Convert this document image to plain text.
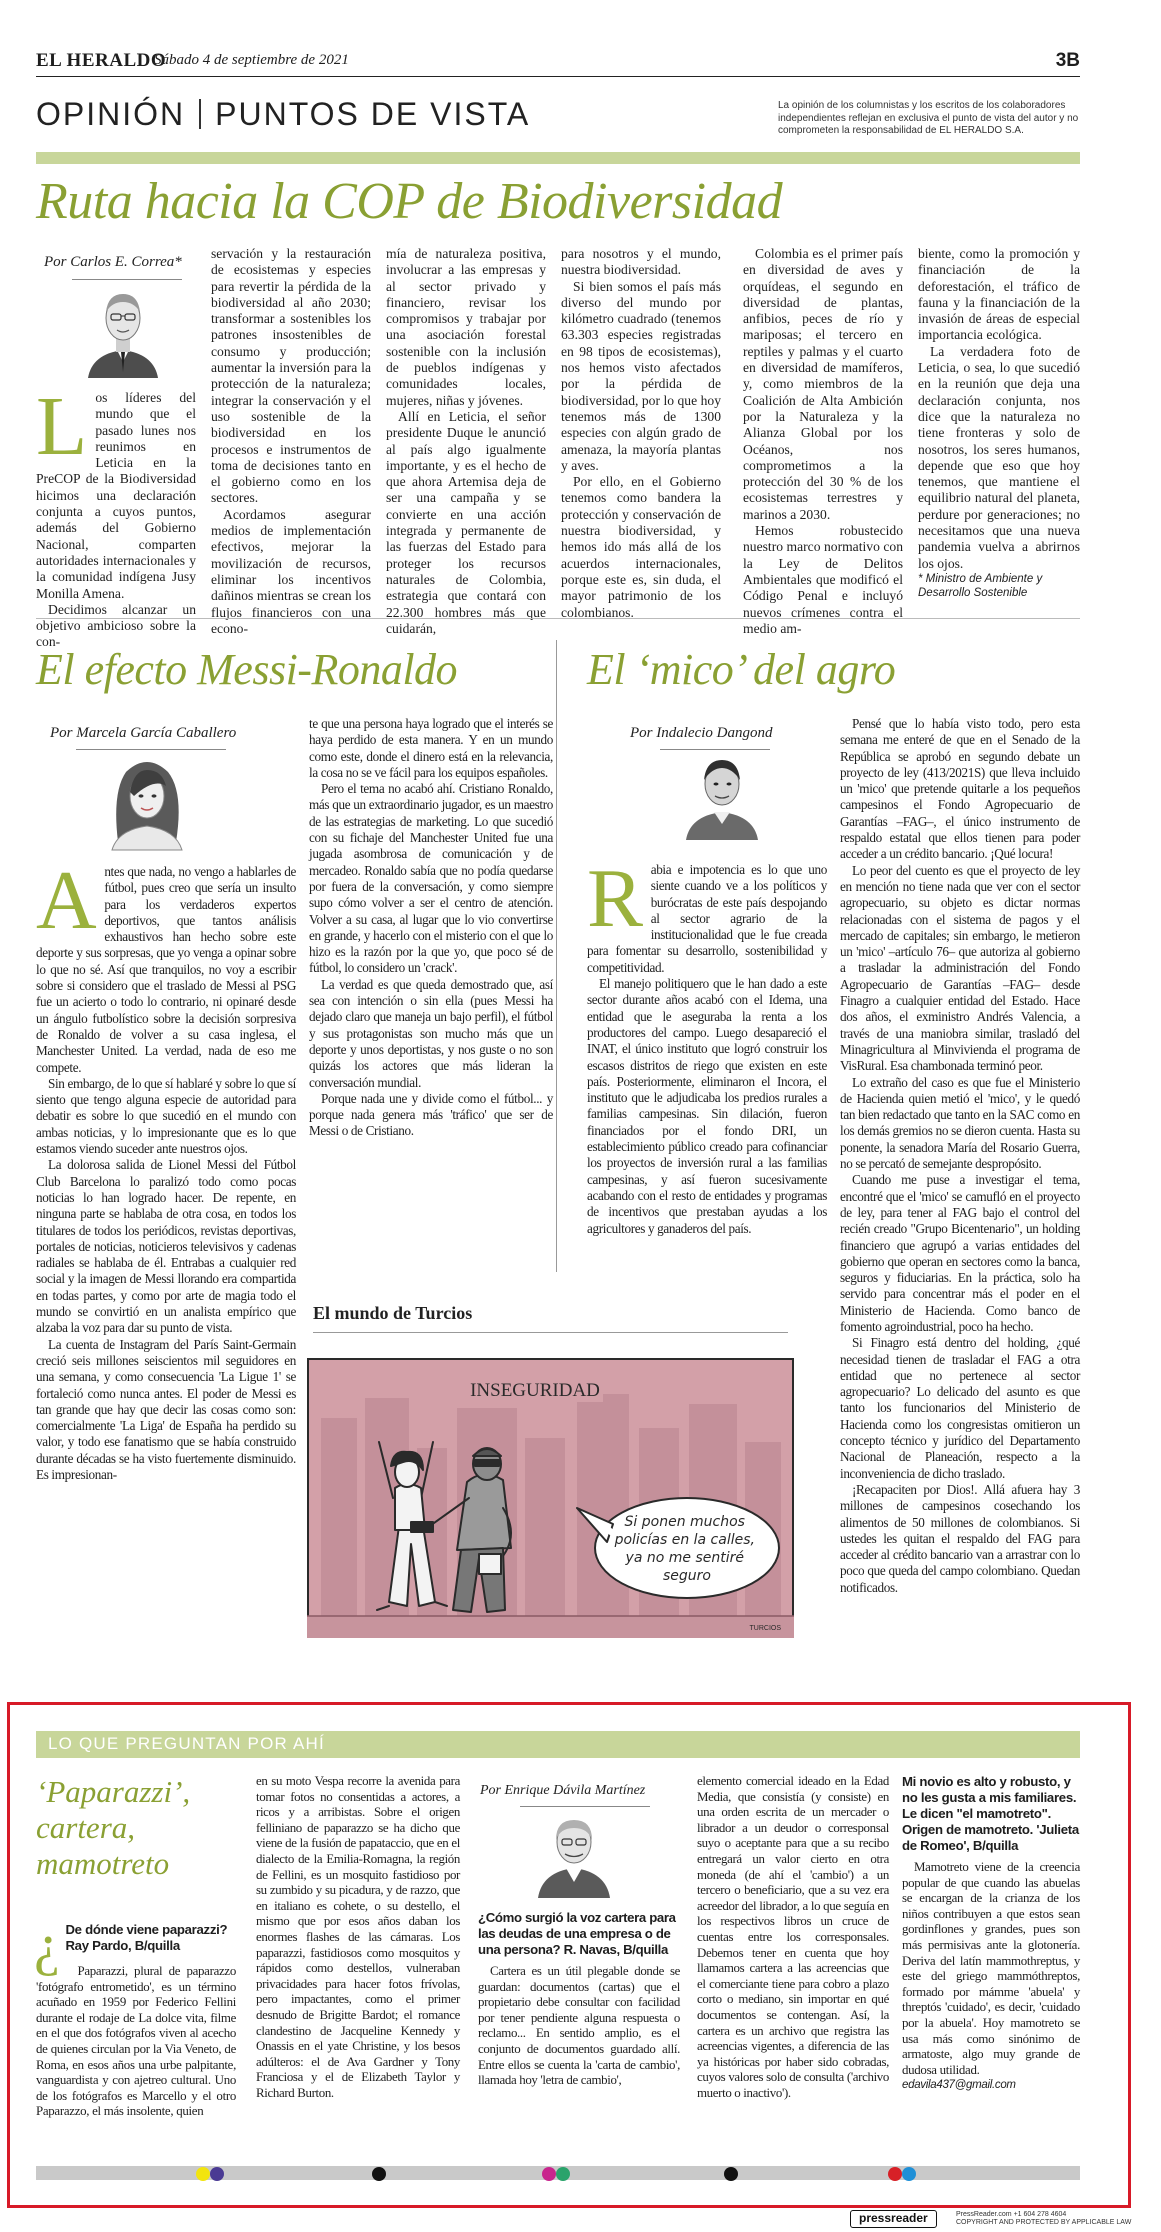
EL HERALDO
Sábado 4 de septiembre de 2021	3B
OPINIÓN PUNTOS DE VISTA	La opinión de los columnistas y los escritos de los colaboradores independientes reflejan en exclusiva el punto de vista del autor y no comprometen la responsabilidad de EL HERALDO S.A.
Ruta hacia la COP de Biodiversidad
Por Carlos E. Correa*
L os líderes del mundo que el pasado lunes nos reunimos en Leticia en la PreCOP de la Biodiversidad hicimos una declaración conjunta a cuyos puntos, además del Gobierno Nacional, comparten autoridades internacionales y la comunidad indígena Jusy Monilla Amena.

Decidimos alcanzar un objetivo ambicioso sobre la con-

servación y la restauración de ecosistemas y especies para revertir la pérdida de la biodiversidad al año 2030; transformar a sostenibles los patrones insostenibles de consumo y producción; aumentar la inversión para la protección de la naturaleza; integrar la conservación y el uso sostenible de la biodiversidad en los procesos e instrumentos de toma de decisiones tanto en el gobierno como en los sectores.

Acordamos asegurar medios de implementación efectivos, mejorar la movilización de recursos, eliminar los incentivos dañinos mientras se crean los flujos financieros con una econo-

mía de naturaleza positiva, involucrar a las empresas y al sector privado y financiero, revisar los compromisos y trabajar por una asociación forestal sostenible con la inclusión de pueblos indígenas y comunidades locales, mujeres, niñas y jóvenes.

Allí en Leticia, el señor presidente Duque le anunció al país algo igualmente importante, y es el hecho de que ahora Artemisa deja de ser una campaña y se convierte en una acción integrada y permanente de las fuerzas del Estado para proteger los recursos naturales de Colombia, estrategia que contará con 22.300 hombres más que cuidarán,

para nosotros y el mundo, nuestra biodiversidad.

Si bien somos el país más diverso del mundo por kilómetro cuadrado (tenemos 63.303 especies registradas en 98 tipos de ecosistemas), nos hemos visto afectados por la pérdida de biodiversidad, por lo que hoy tenemos más de 1300 especies con algún grado de amenaza, la mayoría plantas y aves.

Por ello, en el Gobierno tenemos como bandera la protección y conservación de nuestra biodiversidad, y hemos ido más allá de los acuerdos internacionales, porque este es, sin duda, el mayor patrimonio de los colombianos.

Colombia es el primer país en diversidad de aves y orquídeas, el segundo en diversidad de plantas, anfibios, peces de río y mariposas; el tercero en reptiles y palmas y el cuarto en diversidad de mamíferos, y, como miembros de la Coalición de Alta Ambición por la Naturaleza y la Alianza Global por los Océanos, nos comprometimos a la protección del 30 % de los ecosistemas terrestres y marinos a 2030.

Hemos robustecido nuestro marco normativo con la Ley de Delitos Ambientales que modificó el Código Penal e incluyó nuevos crímenes contra el medio am-

biente, como la promoción y financiación de la deforestación, el tráfico de fauna y la financiación de la invasión de áreas de especial importancia ecológica.

La verdadera foto de Leticia, o sea, lo que sucedió en la reunión que deja una declaración conjunta, nos dice que la naturaleza no tiene fronteras y solo de nosotros, los seres humanos, depende que eso que hoy tenemos, que mantiene el equilibrio natural del planeta, perdure por generaciones; no necesitamos que una nueva pandemia vuelva a abrirnos los ojos.

* Ministro de Ambiente y Desarrollo Sostenible

El efecto Messi-Ronaldo
Por Marcela García Caballero
A ntes que nada, no vengo a hablarles de fútbol, pues creo que sería un insulto para los verdaderos expertos deportivos, que tantos análisis exhaustivos han hecho sobre este deporte y sus sorpresas, que yo venga a opinar sobre lo que no sé. Así que tranquilos, no voy a escribir sobre si considero que el traslado de Messi al PSG fue un acierto o todo lo contrario, ni opinaré desde un ángulo futbolístico sobre la decisión sorpresiva de Ronaldo de volver a su casa inglesa, el Manchester United. La verdad, nada de eso me compete.

Sin embargo, de lo que sí hablaré y sobre lo que sí siento que tengo alguna especie de autoridad para debatir es sobre lo que sucedió en el mundo con ambas noticias, y lo impresionante que es lo que estamos viendo suceder ante nuestros ojos.

La dolorosa salida de Lionel Messi del Fútbol Club Barcelona lo paralizó todo como pocas noticias lo han logrado hacer. De repente, en ninguna parte se hablaba de otra cosa, en todos los titulares de todos los periódicos, revistas deportivas, portales de noticias, noticieros televisivos y cadenas radiales se hablaba de él. Entrabas a cualquier red social y la imagen de Messi llorando era compartida en todas partes, y como por arte de magia todo el mundo se convirtió en un analista empírico que alzaba la voz para dar su punto de vista.

La cuenta de Instagram del París Saint-Germain creció seis millones seiscientos mil seguidores en una semana, y como consecuencia 'La Ligue 1' se fortaleció como nunca antes. El poder de Messi es tan grande que hay que decir las cosas como son: comercialmente 'La Liga' de España ha perdido su valor, y todo ese fanatismo que se había construido durante décadas se ha visto fuertemente disminuido. Es impresionan-

te que una persona haya logrado que el interés se haya perdido de esta manera. Y en un mundo como este, donde el dinero está en la relevancia, la cosa no se ve fácil para los equipos españoles.

Pero el tema no acabó ahí. Cristiano Ronaldo, más que un extraordinario jugador, es un maestro de las estrategias de marketing. Lo que sucedió con su fichaje del Manchester United fue una jugada asombrosa de comunicación y de mercadeo. Ronaldo sabía que no podía quedarse por fuera de la conversación, y como siempre supo cómo volver a ser el centro de atención. Volver a su casa, al lugar que lo vio convertirse en grande, y hacerlo con el misterio con el que lo hizo es la razón por la que yo, que poco sé de fútbol, lo considero un 'crack'.

La verdad es que queda demostrado que, así sea con intención o sin ella (pues Messi ha dejado claro que maneja un bajo perfil), el fútbol y sus protagonistas son mucho más que un deporte y unos deportistas, y nos guste o no son quizás los actores que más lideran la conversación mundial.

Porque nada une y divide como el fútbol... y porque nada genera más 'tráfico' que ser de Messi o de Cristiano.

El ‘mico’ del agro
Por Indalecio Dangond
R abia e impotencia es lo que uno siente cuando ve a los políticos y burócratas de este país despojando al sector agrario de la institucionalidad que le fue creada para fomentar su desarrollo, sostenibilidad y competitividad.

El manejo politiquero que le han dado a este sector durante años acabó con el Idema, una entidad que le aseguraba la renta a los productores del campo. Luego desapareció el INAT, el único instituto que logró construir los escasos distritos de riego que existen en este país. Posteriormente, eliminaron el Incora, el instituto que le adjudicaba los predios rurales a familias campesinas. Sin dilación, fueron financiados por el fondo DRI, un establecimiento público creado para cofinanciar los proyectos de inversión rural a las familias campesinas, y así fueron sucesivamente acabando con el resto de entidades y programas de incentivos que prestaban ayudas a los agricultores y ganaderos del país.

Pensé que lo había visto todo, pero esta semana me enteré de que en el Senado de la República se aprobó en segundo debate un proyecto de ley (413/2021S) que lleva incluido un 'mico' que pretende quitarle a los pequeños campesinos el Fondo Agropecuario de Garantías –FAG–, el único instrumento de respaldo estatal que ellos tienen para poder acceder a un crédito bancario. ¡Qué locura!

Lo peor del cuento es que el proyecto de ley en mención no tiene nada que ver con el sector agropecuario, su objeto es dictar normas relacionadas con el sistema de pagos y el mercado de capitales; sin embargo, le metieron un 'mico' –artículo 76– que autoriza al gobierno a trasladar la administración del Fondo Agropecuario de Garantías –FAG– desde Finagro a cualquier entidad del Estado. Hace dos años, el exministro Andrés Valencia, a través de una maniobra similar, trasladó del Minagricultura al Minvivienda el programa de VisRural. Esa chambonada terminó peor.

Lo extraño del caso es que fue el Ministerio de Hacienda quien metió el 'mico', y le quedó tan bien redactado que tanto en la SAC como en los demás gremios no se dieron cuenta. Hasta su ponente, la senadora María del Rosario Guerra, no se percató de semejante despropósito.

Cuando me puse a investigar el tema, encontré que el 'mico' se camufló en el proyecto de ley, para tener al FAG bajo el control del recién creado "Grupo Bicentenario", un holding financiero que agrupó a varias entidades del gobierno que operan en sectores como la banca, seguros y fiduciarias. En la práctica, solo ha servido para concentrar más el poder en el Ministerio de Hacienda. Como banco de fomento agroindustrial, poco ha hecho.

Si Finagro está dentro del holding, ¿qué necesidad tienen de trasladar el FAG a otra entidad que no pertenece al sector agropecuario? Lo delicado del asunto es que tanto los funcionarios del Ministerio de Hacienda como los congresistas omitieron un concepto técnico y jurídico del Departamento Nacional de Planeación, respecto a la inconveniencia de dicho traslado.

¡Recapaciten por Dios!. Allá afuera hay 3 millones de campesinos cosechando los alimentos de 50 millones de colombianos. Si ustedes les quitan el respaldo del FAG para acceder al crédito bancario van a arrastrar con lo poco que queda del campo colombiano. Quedan notificados.

El mundo de Turcios
INSEGURIDAD
Si ponen muchos policías en la calles, ya no me sentiré seguro
TURCIOS
LO QUE PREGUNTAN POR AHÍ
‘Paparazzi’, cartera, mamotreto
¿ De dónde viene paparazzi? Ray Pardo, B/quilla

Paparazzi, plural de paparazzo 'fotógrafo entrometido', es un término acuñado en 1959 por Federico Fellini durante el rodaje de La dolce vita, filme en el que dos fotógrafos viven al acecho de quienes circulan por la Via Veneto, de Roma, en esos años una urbe palpitante, vanguardista y con ajetreo cultural. Uno de los fotógrafos es Marcello y el otro Paparazzo, el más insolente, quien

en su moto Vespa recorre la avenida para tomar fotos no consentidas a actores, a ricos y a arribistas. Sobre el origen felliniano de paparazzo se ha dicho que viene de la fusión de papataccio, que en el dialecto de la Emilia-Romagna, la región de Fellini, es un mosquito fastidioso por su zumbido y su picadura, y de razzo, que en italiano es cohete, o su destello, el mismo que por esos años daban los enormes flashes de las cámaras. Los paparazzi, fastidiosos como mosquitos y rápidos como destellos, vulneraban privacidades para hacer fotos frívolas, pero impactantes, como el primer desnudo de Brigitte Bardot; el romance clandestino de Jacqueline Kennedy y Onassis en el yate Christine, y los besos adúlteros: el de Ava Gardner y Tony Franciosa y el de Elizabeth Taylor y Richard Burton.

Por Enrique Dávila Martínez

¿Cómo surgió la voz cartera para las deudas de una empresa o de una persona? R. Navas, B/quilla

Cartera es un útil plegable donde se guardan: documentos (cartas) que el propietario debe consultar con facilidad por tener pendiente alguna respuesta o reclamo... En sentido amplio, es el conjunto de documentos guardado allí. Entre ellos se cuenta la 'carta de cambio', llamada hoy 'letra de cambio',

elemento comercial ideado en la Edad Media, que consistía (y consiste) en una orden escrita de un mercader o librador a un deudor o corresponsal suyo o aceptante para que a su recibo entregará un valor cierto en otra moneda (de ahí el 'cambio') a un tercero o beneficiario, que a su vez era acreedor del librador, a lo que seguía en los respectivos libros un cruce de cuentas entre los corresponsales. Debemos tener en cuenta que hoy llamamos cartera a las acreencias que el comerciante tiene para cobro a plazo corto o mediano, sin importar en qué documentos se contengan. Así, la cartera es un archivo que registra las acreencias vigentes, a diferencia de las ya históricas por haber sido cobradas, cuyos valores solo de consulta ('archivo muerto o inactivo').

Mi novio es alto y robusto, y no les gusta a mis familiares. Le dicen "el mamotreto". Origen de mamotreto. 'Julieta de Romeo', B/quilla

Mamotreto viene de la creencia popular de que cuando las abuelas se encargan de la crianza de los niños contribuyen a que estos sean gordinflones y grandes, pues son más permisivas ante la glotonería. Deriva del latín mammothreptus, y este del griego mammóthreptos, formado por mámme 'abuela' y threptós 'cuidado', es decir, 'cuidado por la abuela'. Hoy mamotreto se usa más como sinónimo de armatoste, algo muy grande de dudosa utilidad.

edavila437@gmail.com

pressreader	PressReader.com +1 604 278 4604
COPYRIGHT AND PROTECTED BY APPLICABLE LAW
